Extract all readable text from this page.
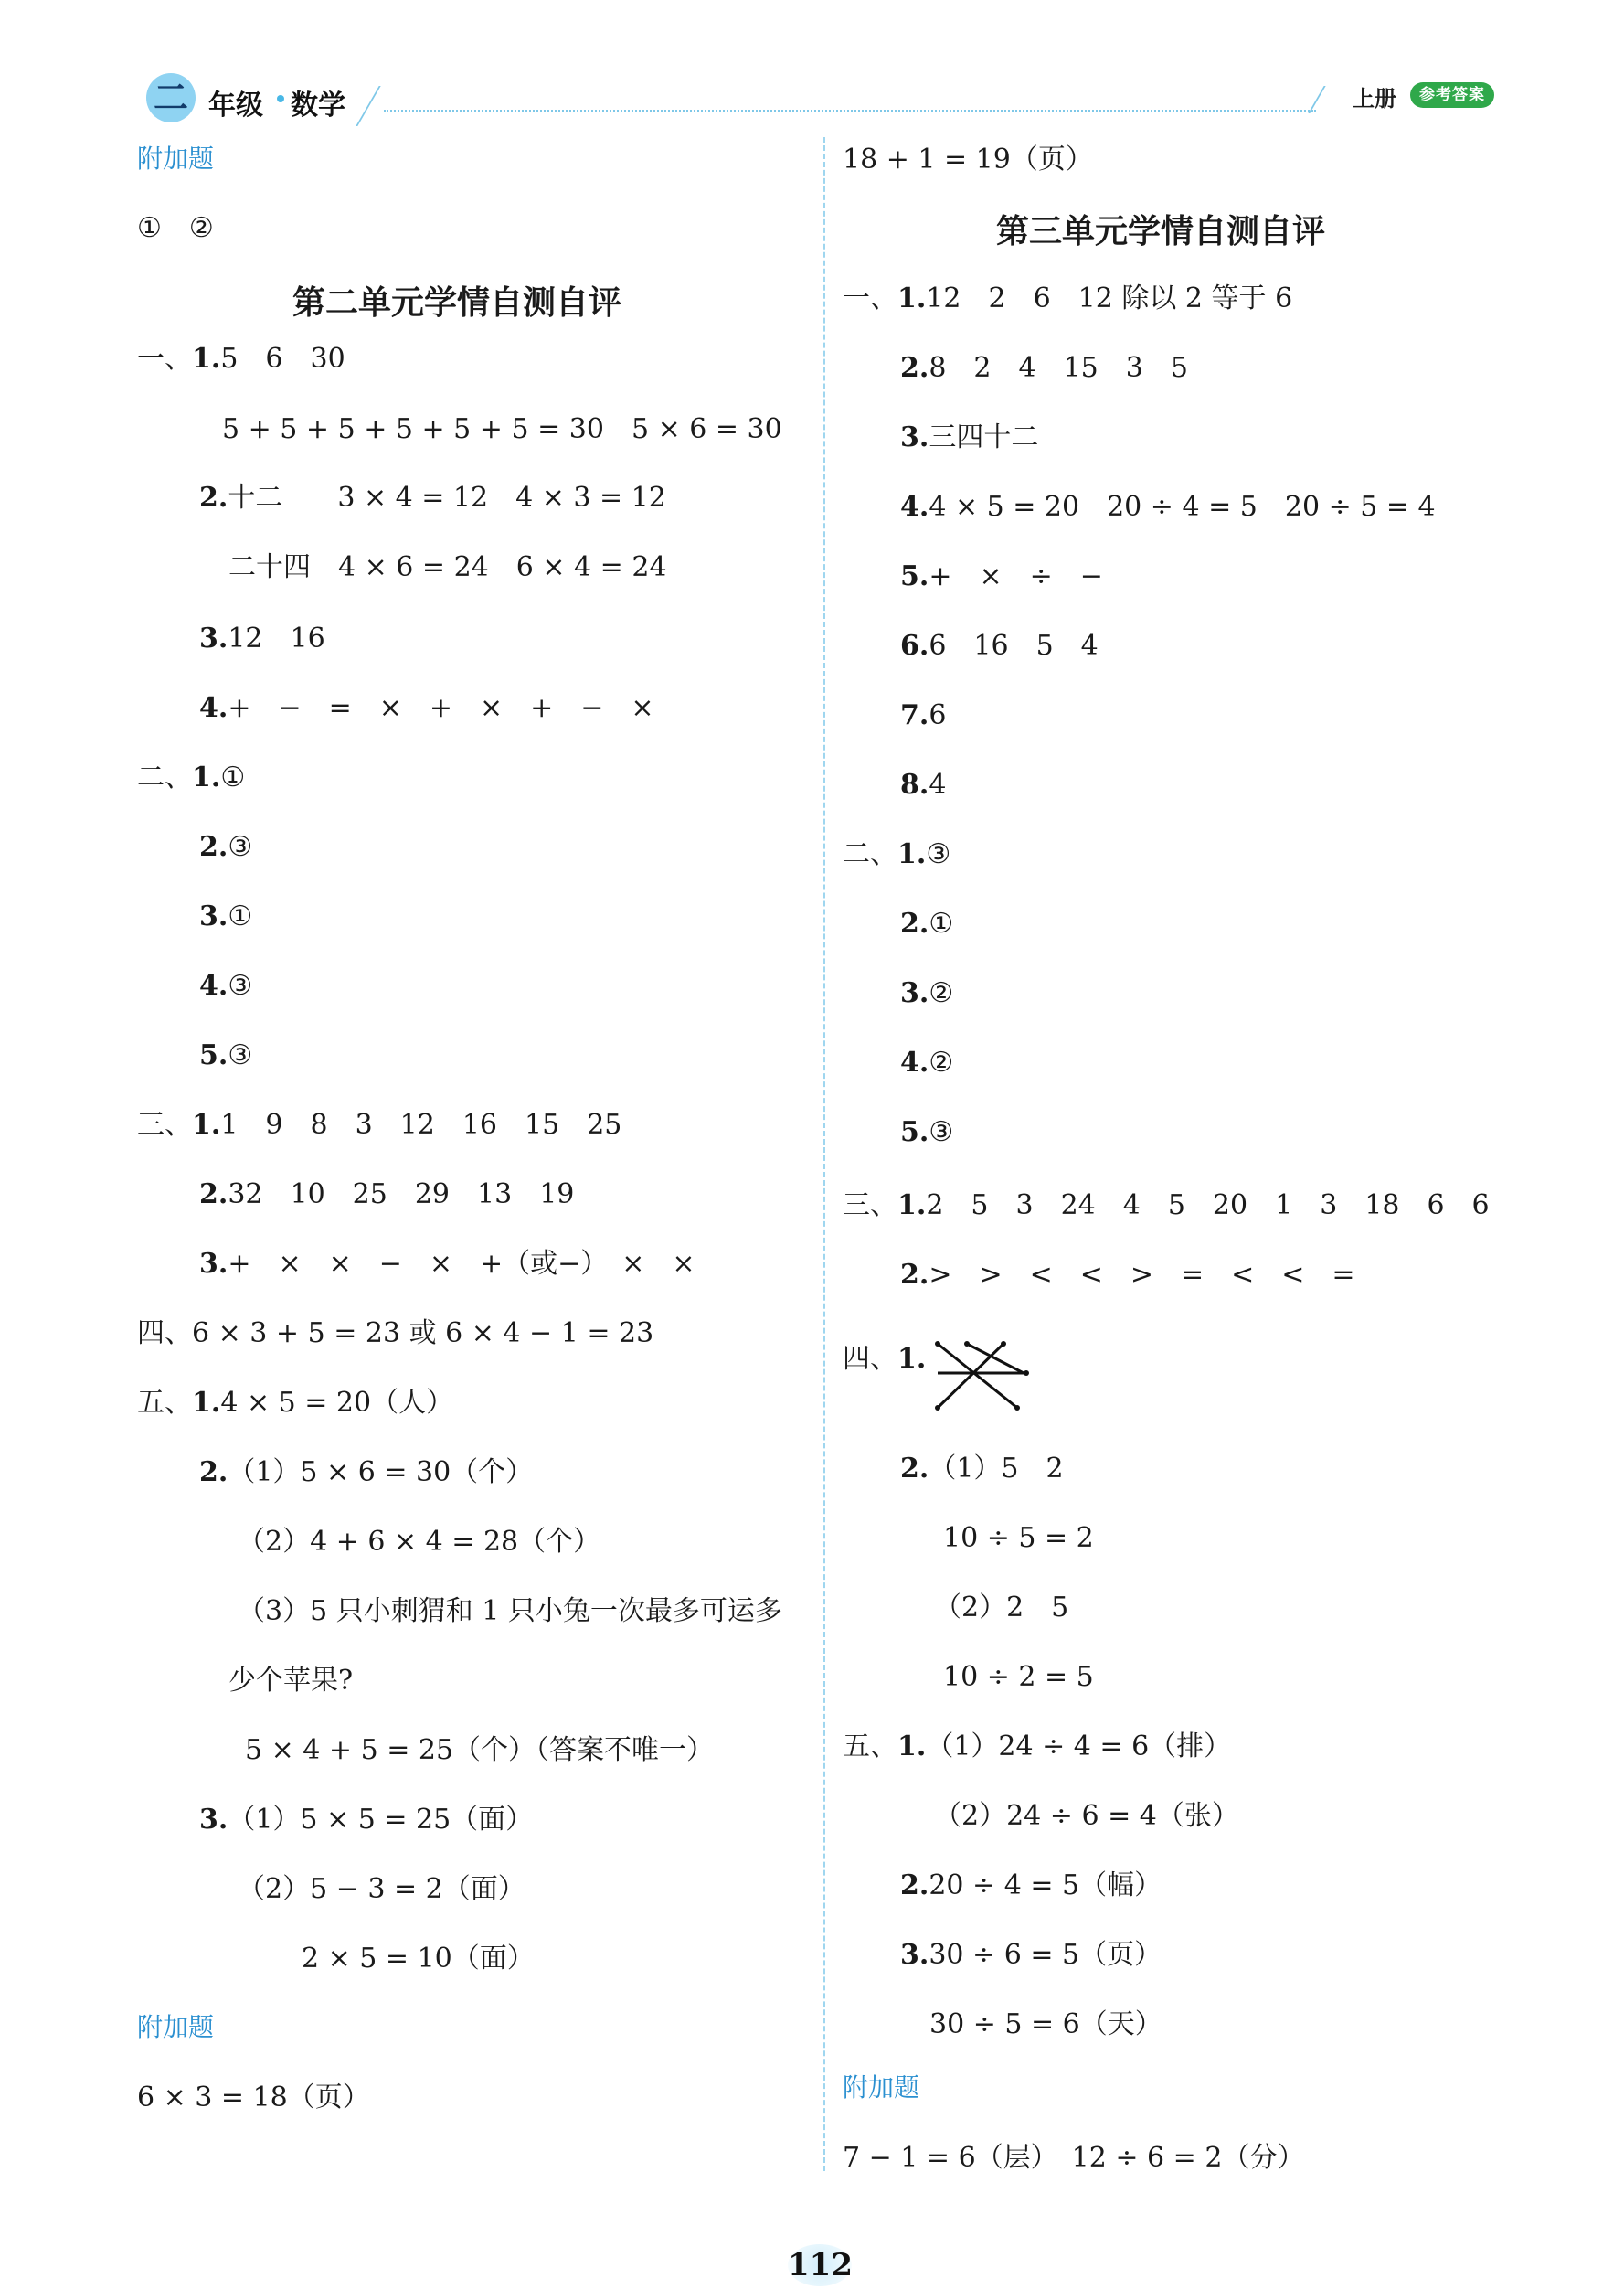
二 年级 数学	上册	参考答案
附加题
①　②
第二单元学情自测自评
一、1.5　6　30
5 + 5 + 5 + 5 + 5 + 5 = 30　5 × 6 = 30
2.十二　　3 × 4 = 12　4 × 3 = 12
二十四　4 × 6 = 24　6 × 4 = 24
3.12　16
4.+　−　=　×　+　×　+　−　×
二、1.①
2.③
3.①
4.③
5.③
三、1.1　9　8　3　12　16　15　25
2.32　10　25　29　13　19
3.+　×　×　−　×　+（或−）　×　×
四、6 × 3 + 5 = 23 或 6 × 4 − 1 = 23
五、1.4 × 5 = 20（人）
2.（1）5 × 6 = 30（个）
（2）4 + 6 × 4 = 28（个）
（3）5 只小刺猬和 1 只小兔一次最多可运多
少个苹果?
5 × 4 + 5 = 25（个）（答案不唯一）
3.（1）5 × 5 = 25（面）
（2）5 − 3 = 2（面）
2 × 5 = 10（面）
附加题
6 × 3 = 18（页）
18 + 1 = 19（页）
第三单元学情自测自评
一、1.12　2　6　12 除以 2 等于 6
2.8　2　4　15　3　5
3.三四十二
4.4 × 5 = 20　20 ÷ 4 = 5　20 ÷ 5 = 4
5.+　×　÷　−
6.6　16　5　4
7.6
8.4
二、1.③
2.①
3.②
4.②
5.③
三、1.2　5　3　24　4　5　20　1　3　18　6　6
2.>　>　<　<　>　=　<　<　=
四、1.
2.（1）5　2
10 ÷ 5 = 2
（2）2　5
10 ÷ 2 = 5
五、1.（1）24 ÷ 4 = 6（排）
（2）24 ÷ 6 = 4（张）
2.20 ÷ 4 = 5（幅）
3.30 ÷ 6 = 5（页）
30 ÷ 5 = 6（天）
附加题
7 − 1 = 6（层）　12 ÷ 6 = 2（分）
112
